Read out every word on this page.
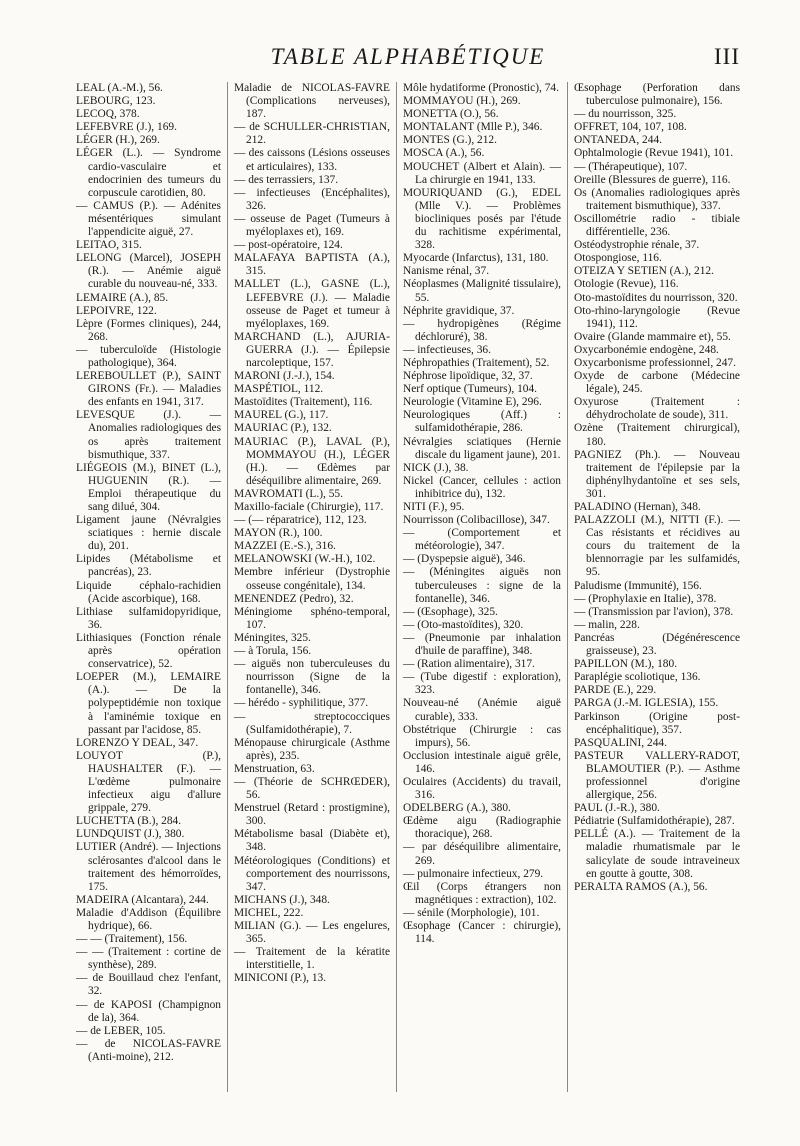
TABLE ALPHABÉTIQUE	III

LEAL (A.-M.), 56.

LEBOURG, 123.

LECOQ, 378.

LEFEBVRE (J.), 169.

LÉGER (H.), 269.

LÉGER (L.). — Syndrome cardio-vasculaire et endocrinien des tumeurs du corpuscule carotidien, 80.

— CAMUS (P.). — Adénites mésentériques simulant l'appendicite aiguë, 27.

LEITAO, 315.

LELONG (Marcel), JOSEPH (R.). — Anémie aiguë curable du nouveau-né, 333.

LEMAIRE (A.), 85.

LEPOIVRE, 122.

Lèpre (Formes cliniques), 244, 268.

— tuberculoïde (Histologie pathologique), 364.

LEREBOULLET (P.), SAINT GIRONS (Fr.). — Maladies des enfants en 1941, 317.

LEVESQUE (J.). — Anomalies radiologiques des os après traitement bismuthique, 337.

LIÉGEOIS (M.), BINET (L.), HUGUENIN (R.). — Emploi thérapeutique du sang dilué, 304.

Ligament jaune (Névralgies sciatiques : hernie discale du), 201.

Lipides (Métabolisme et pancréas), 23.

Liquide céphalo-rachidien (Acide ascorbique), 168.

Lithiase sulfamidopyridique, 36.

Lithiasiques (Fonction rénale après opération conservatrice), 52.

LOEPER (M.), LEMAIRE (A.). — De la polypeptidémie non toxique à l'aminémie toxique en passant par l'acidose, 85.

LORENZO Y DEAL, 347.

LOUYOT (P.), HAUSHALTER (F.). — L'œdème pulmonaire infectieux aigu d'allure grippale, 279.

LUCHETTA (B.), 284.

LUNDQUIST (J.), 380.

LUTIER (André). — Injections sclérosantes d'alcool dans le traitement des hémorroïdes, 175.

MADEIRA (Alcantara), 244.

Maladie d'Addison (Équilibre hydrique), 66.

— — (Traitement), 156.

— — (Traitement : cortine de synthèse), 289.

— de Bouillaud chez l'enfant, 32.

— de KAPOSI (Champignon de la), 364.

— de LEBER, 105.

— de NICOLAS-FAVRE (Anti-moine), 212.

Maladie de NICOLAS-FAVRE (Complications nerveuses), 187.

— de SCHULLER-CHRISTIAN, 212.

— des caissons (Lésions osseuses et articulaires), 133.

— des terrassiers, 137.

— infectieuses (Encéphalites), 326.

— osseuse de Paget (Tumeurs à myéloplaxes et), 169.

— post-opératoire, 124.

MALAFAYA BAPTISTA (A.), 315.

MALLET (L.), GASNE (L.), LEFEBVRE (J.). — Maladie osseuse de Paget et tumeur à myéloplaxes, 169.

MARCHAND (L.), AJURIA-GUERRA (J.). — Épilepsie narcoleptique, 157.

MARONI (J.-J.), 154.

MASPÉTIOL, 112.

Mastoïdites (Traitement), 116.

MAUREL (G.), 117.

MAURIAC (P.), 132.

MAURIAC (P.), LAVAL (P.), MOMMAYOU (H.), LÉGER (H.). — Œdèmes par déséquilibre alimentaire, 269.

MAVROMATI (L.), 55.

Maxillo-faciale (Chirurgie), 117.

— (— réparatrice), 112, 123.

MAYON (R.), 100.

MAZZEI (E.-S.), 316.

MELANOWSKI (W.-H.), 102.

Membre inférieur (Dystrophie osseuse congénitale), 134.

MENENDEZ (Pedro), 32.

Méningiome sphéno-temporal, 107.

Méningites, 325.

— à Torula, 156.

— aiguës non tuberculeuses du nourrisson (Signe de la fontanelle), 346.

— hérédo - syphilitique, 377.

— streptococciques (Sulfamidothérapie), 7.

Ménopause chirurgicale (Asthme après), 235.

Menstruation, 63.

— (Théorie de SCHRŒDER), 56.

Menstruel (Retard : prostigmine), 300.

Métabolisme basal (Diabète et), 348.

Météorologiques (Conditions) et comportement des nourrissons, 347.

MICHANS (J.), 348.

MICHEL, 222.

MILIAN (G.). — Les engelures, 365.

— Traitement de la kératite interstitielle, 1.

MINICONI (P.), 13.

Môle hydatiforme (Pronostic), 74.

MOMMAYOU (H.), 269.

MONETTA (O.), 56.

MONTALANT (Mlle P.), 346.

MONTES (G.), 212.

MOSCA (A.), 56.

MOUCHET (Albert et Alain). — La chirurgie en 1941, 133.

MOURIQUAND (G.), EDEL (Mlle V.). — Problèmes biocliniques posés par l'étude du rachitisme expérimental, 328.

Myocarde (Infarctus), 131, 180.

Nanisme rénal, 37.

Néoplasmes (Malignité tissulaire), 55.

Néphrite gravidique, 37.

— hydropigènes (Régime déchloruré), 38.

— infectieuses, 36.

Néphropathies (Traitement), 52.

Néphrose lipoïdique, 32, 37.

Nerf optique (Tumeurs), 104.

Neurologie (Vitamine E), 296.

Neurologiques (Aff.) : sulfamidothérapie, 286.

Névralgies sciatiques (Hernie discale du ligament jaune), 201.

NICK (J.), 38.

Nickel (Cancer, cellules : action inhibitrice du), 132.

NITI (F.), 95.

Nourrisson (Colibacillose), 347.

— (Comportement et météorologie), 347.

— (Dyspepsie aiguë), 346.

— (Méningites aiguës non tuberculeuses : signe de la fontanelle), 346.

— (Œsophage), 325.

— (Oto-mastoïdites), 320.

— (Pneumonie par inhalation d'huile de paraffine), 348.

— (Ration alimentaire), 317.

— (Tube digestif : exploration), 323.

Nouveau-né (Anémie aiguë curable), 333.

Obstétrique (Chirurgie : cas impurs), 56.

Occlusion intestinale aiguë grêle, 146.

Oculaires (Accidents) du travail, 316.

ODELBERG (A.), 380.

Œdème aigu (Radiographie thoracique), 268.

— par déséquilibre alimentaire, 269.

— pulmonaire infectieux, 279.

Œil (Corps étrangers non magnétiques : extraction), 102.

— sénile (Morphologie), 101.

Œsophage (Cancer : chirurgie), 114.

Œsophage (Perforation dans tuberculose pulmonaire), 156.

— du nourrisson, 325.

OFFRET, 104, 107, 108.

ONTANEDA, 244.

Ophtalmologie (Revue 1941), 101.

— (Thérapeutique), 107.

Oreille (Blessures de guerre), 116.

Os (Anomalies radiologiques après traitement bismuthique), 337.

Oscillométrie radio - tibiale différentielle, 236.

Ostéodystrophie rénale, 37.

Otospongiose, 116.

OTEIZA Y SETIEN (A.), 212.

Otologie (Revue), 116.

Oto-mastoïdites du nourrisson, 320.

Oto-rhino-laryngologie (Revue 1941), 112.

Ovaire (Glande mammaire et), 55.

Oxycarbonémie endogène, 248.

Oxycarbonisme professionnel, 247.

Oxyde de carbone (Médecine légale), 245.

Oxyurose (Traitement : déhydrocholate de soude), 311.

Ozène (Traitement chirurgical), 180.

PAGNIEZ (Ph.). — Nouveau traitement de l'épilepsie par la diphénylhydantoïne et ses sels, 301.

PALADINO (Hernan), 348.

PALAZZOLI (M.), NITTI (F.). — Cas résistants et récidives au cours du traitement de la blennorragie par les sulfamidés, 95.

Paludisme (Immunité), 156.

— (Prophylaxie en Italie), 378.

— (Transmission par l'avion), 378.

— malin, 228.

Pancréas (Dégénérescence graisseuse), 23.

PAPILLON (M.), 180.

Paraplégie scoliotique, 136.

PARDE (E.), 229.

PARGA (J.-M. IGLESIA), 155.

Parkinson (Origine post-encéphalitique), 357.

PASQUALINI, 244.

PASTEUR VALLERY-RADOT, BLAMOUTIER (P.). — Asthme professionnel d'origine allergique, 256.

PAUL (J.-R.), 380.

Pédiatrie (Sulfamidothérapie), 287.

PELLÉ (A.). — Traitement de la maladie rhumatismale par le salicylate de soude intraveineux en goutte à goutte, 308.

PERALTA RAMOS (A.), 56.
